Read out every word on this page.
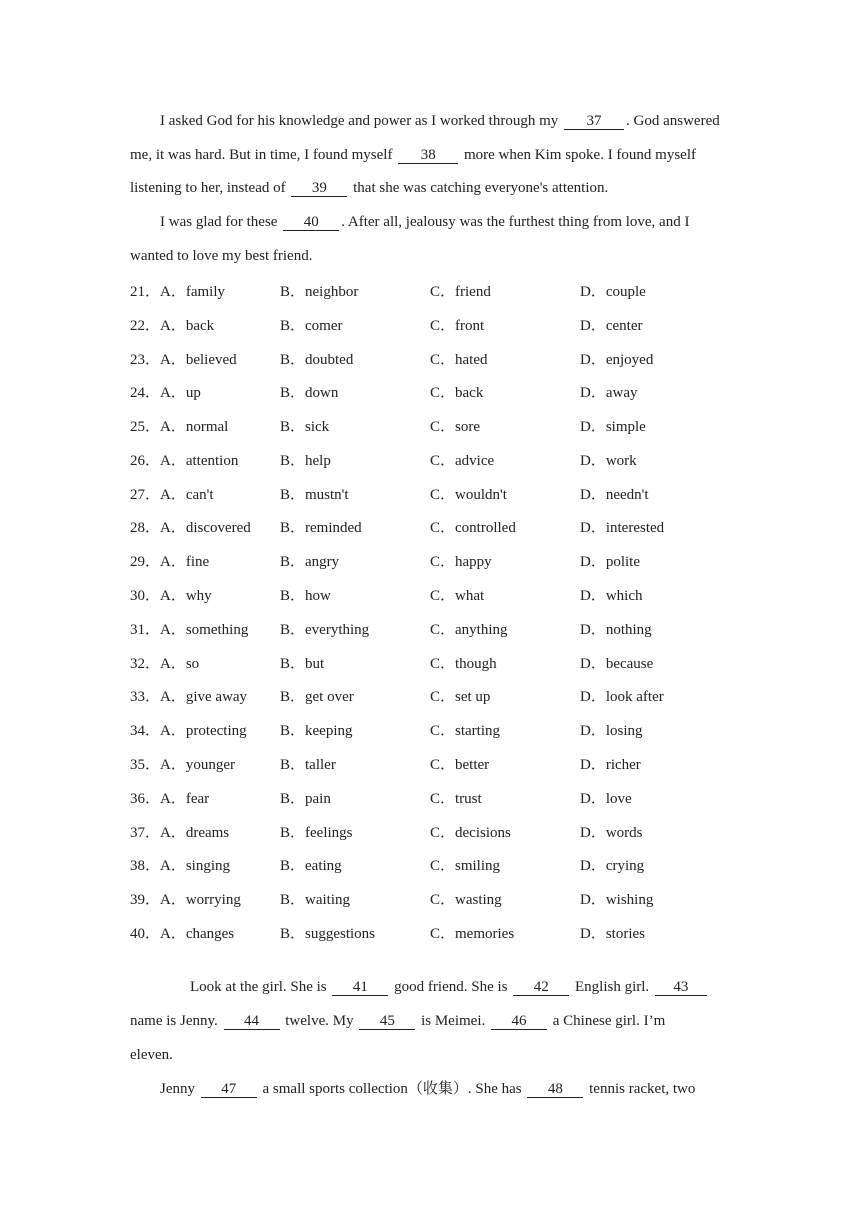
I asked God for his knowledge and power as I worked through my 37 . God answered

me, it was hard. But in time, I found myself 38 more when Kim spoke. I found myself

listening to her, instead of 39 that she was catching everyone's attention.

I was glad for these 40 . After all, jealousy was the furthest thing from love, and I

wanted to love my best friend.

21． A．family	B．neighbor	C．friend	D．couple
22． A．back	B．comer	C．front	D．center
23． A．believed	B．doubted	C．hated	D．enjoyed
24． A．up	B．down	C．back	D．away
25． A．normal	B．sick	C．sore	D．simple
26． A．attention	B．help	C．advice	D．work
27． A．can't	B．mustn't	C．wouldn't	D．needn't
28． A．discovered	B．reminded	C．controlled	D．interested
29． A．fine	B．angry	C．happy	D．polite
30． A．why	B．how	C．what	D．which
31． A．something	B．everything	C．anything	D．nothing
32． A．so	B．but	C．though	D．because
33． A．give away	B．get over	C．set up	D．look after
34． A．protecting	B．keeping	C．starting	D．losing
35． A．younger	B．taller	C．better	D．richer
36． A．fear	B．pain	C．trust	D．love
37． A．dreams	B．feelings	C．decisions	D．words
38． A．singing	B．eating	C．smiling	D．crying
39． A．worrying	B．waiting	C．wasting	D．wishing
40． A．changes	B．suggestions	C．memories	D．stories

Look at the girl. She is 41 good friend. She is 42 English girl. 43

name is Jenny. 44 twelve. My 45 is Meimei. 46 a Chinese girl. I’m

eleven.

Jenny 47 a small sports collection（收集）. She has 48 tennis racket, two
